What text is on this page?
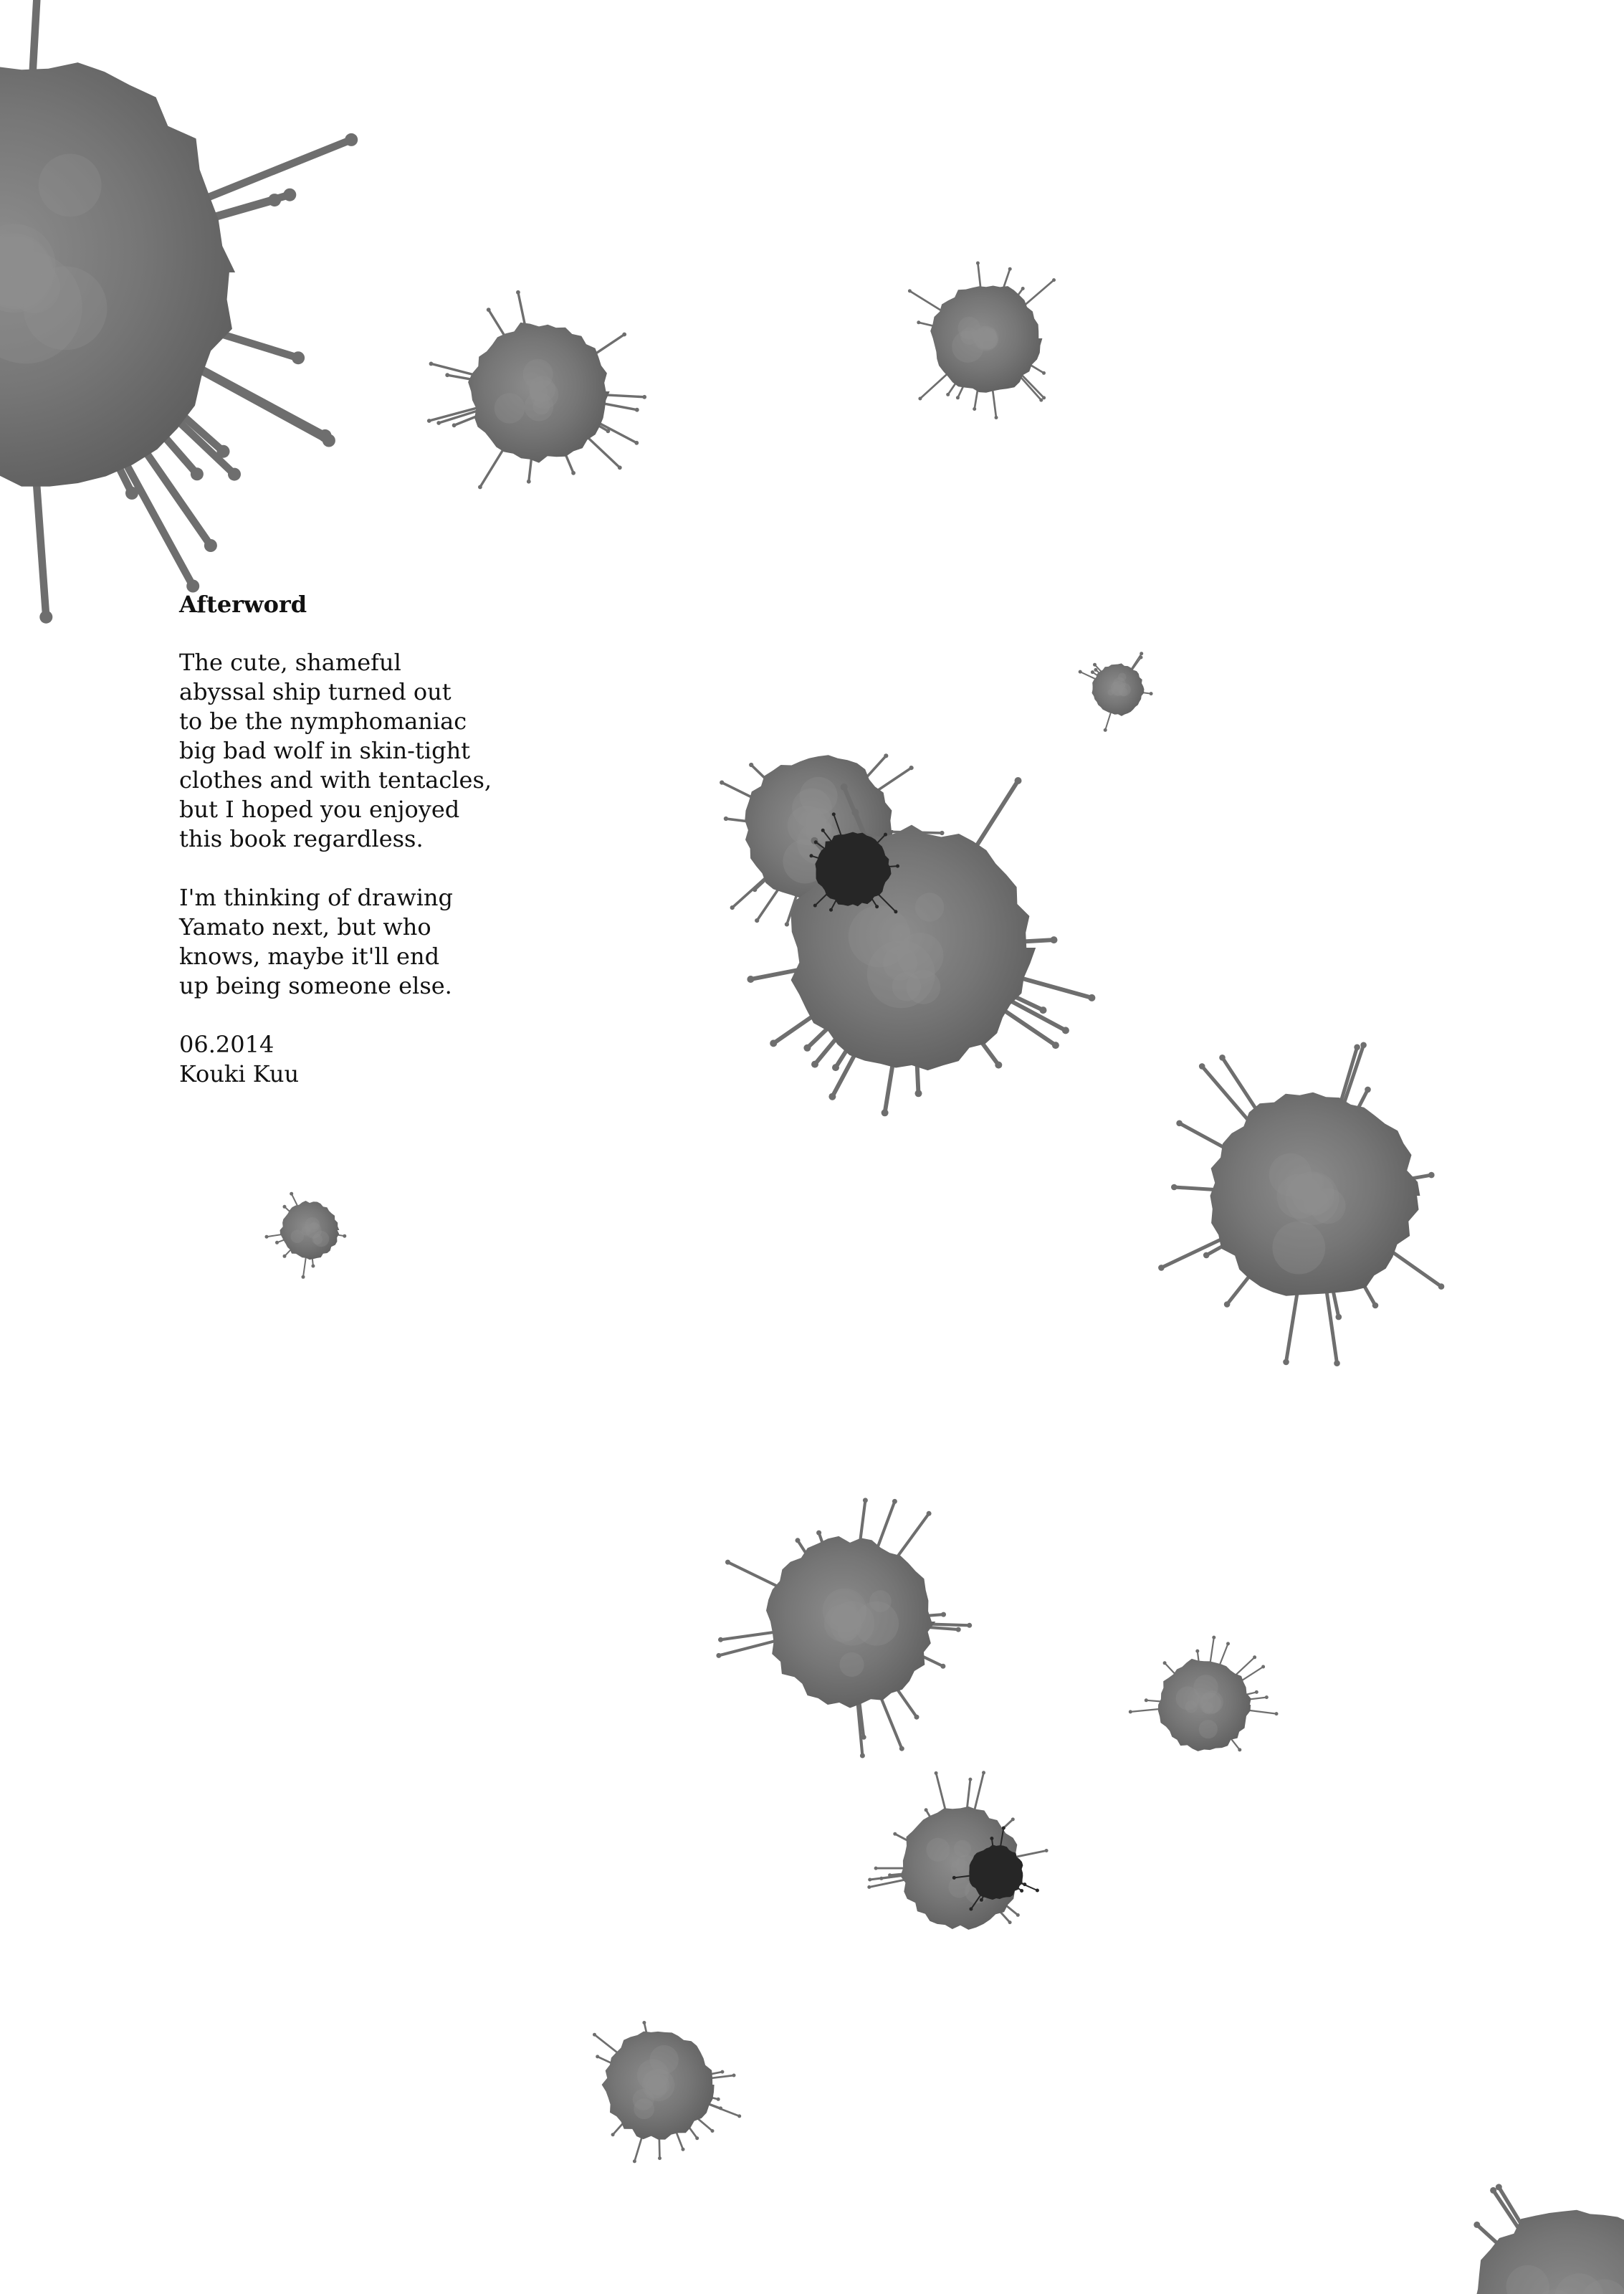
Afterword
The cute, shameful
abyssal ship turned out
to be the nymphomaniac
big bad wolf in skin-tight
clothes and with tentacles,
but I hoped you enjoyed
this book regardless.
I'm thinking of drawing
Yamato next, but who
knows, maybe it'll end
up being someone else.
06.2014
Kouki Kuu
